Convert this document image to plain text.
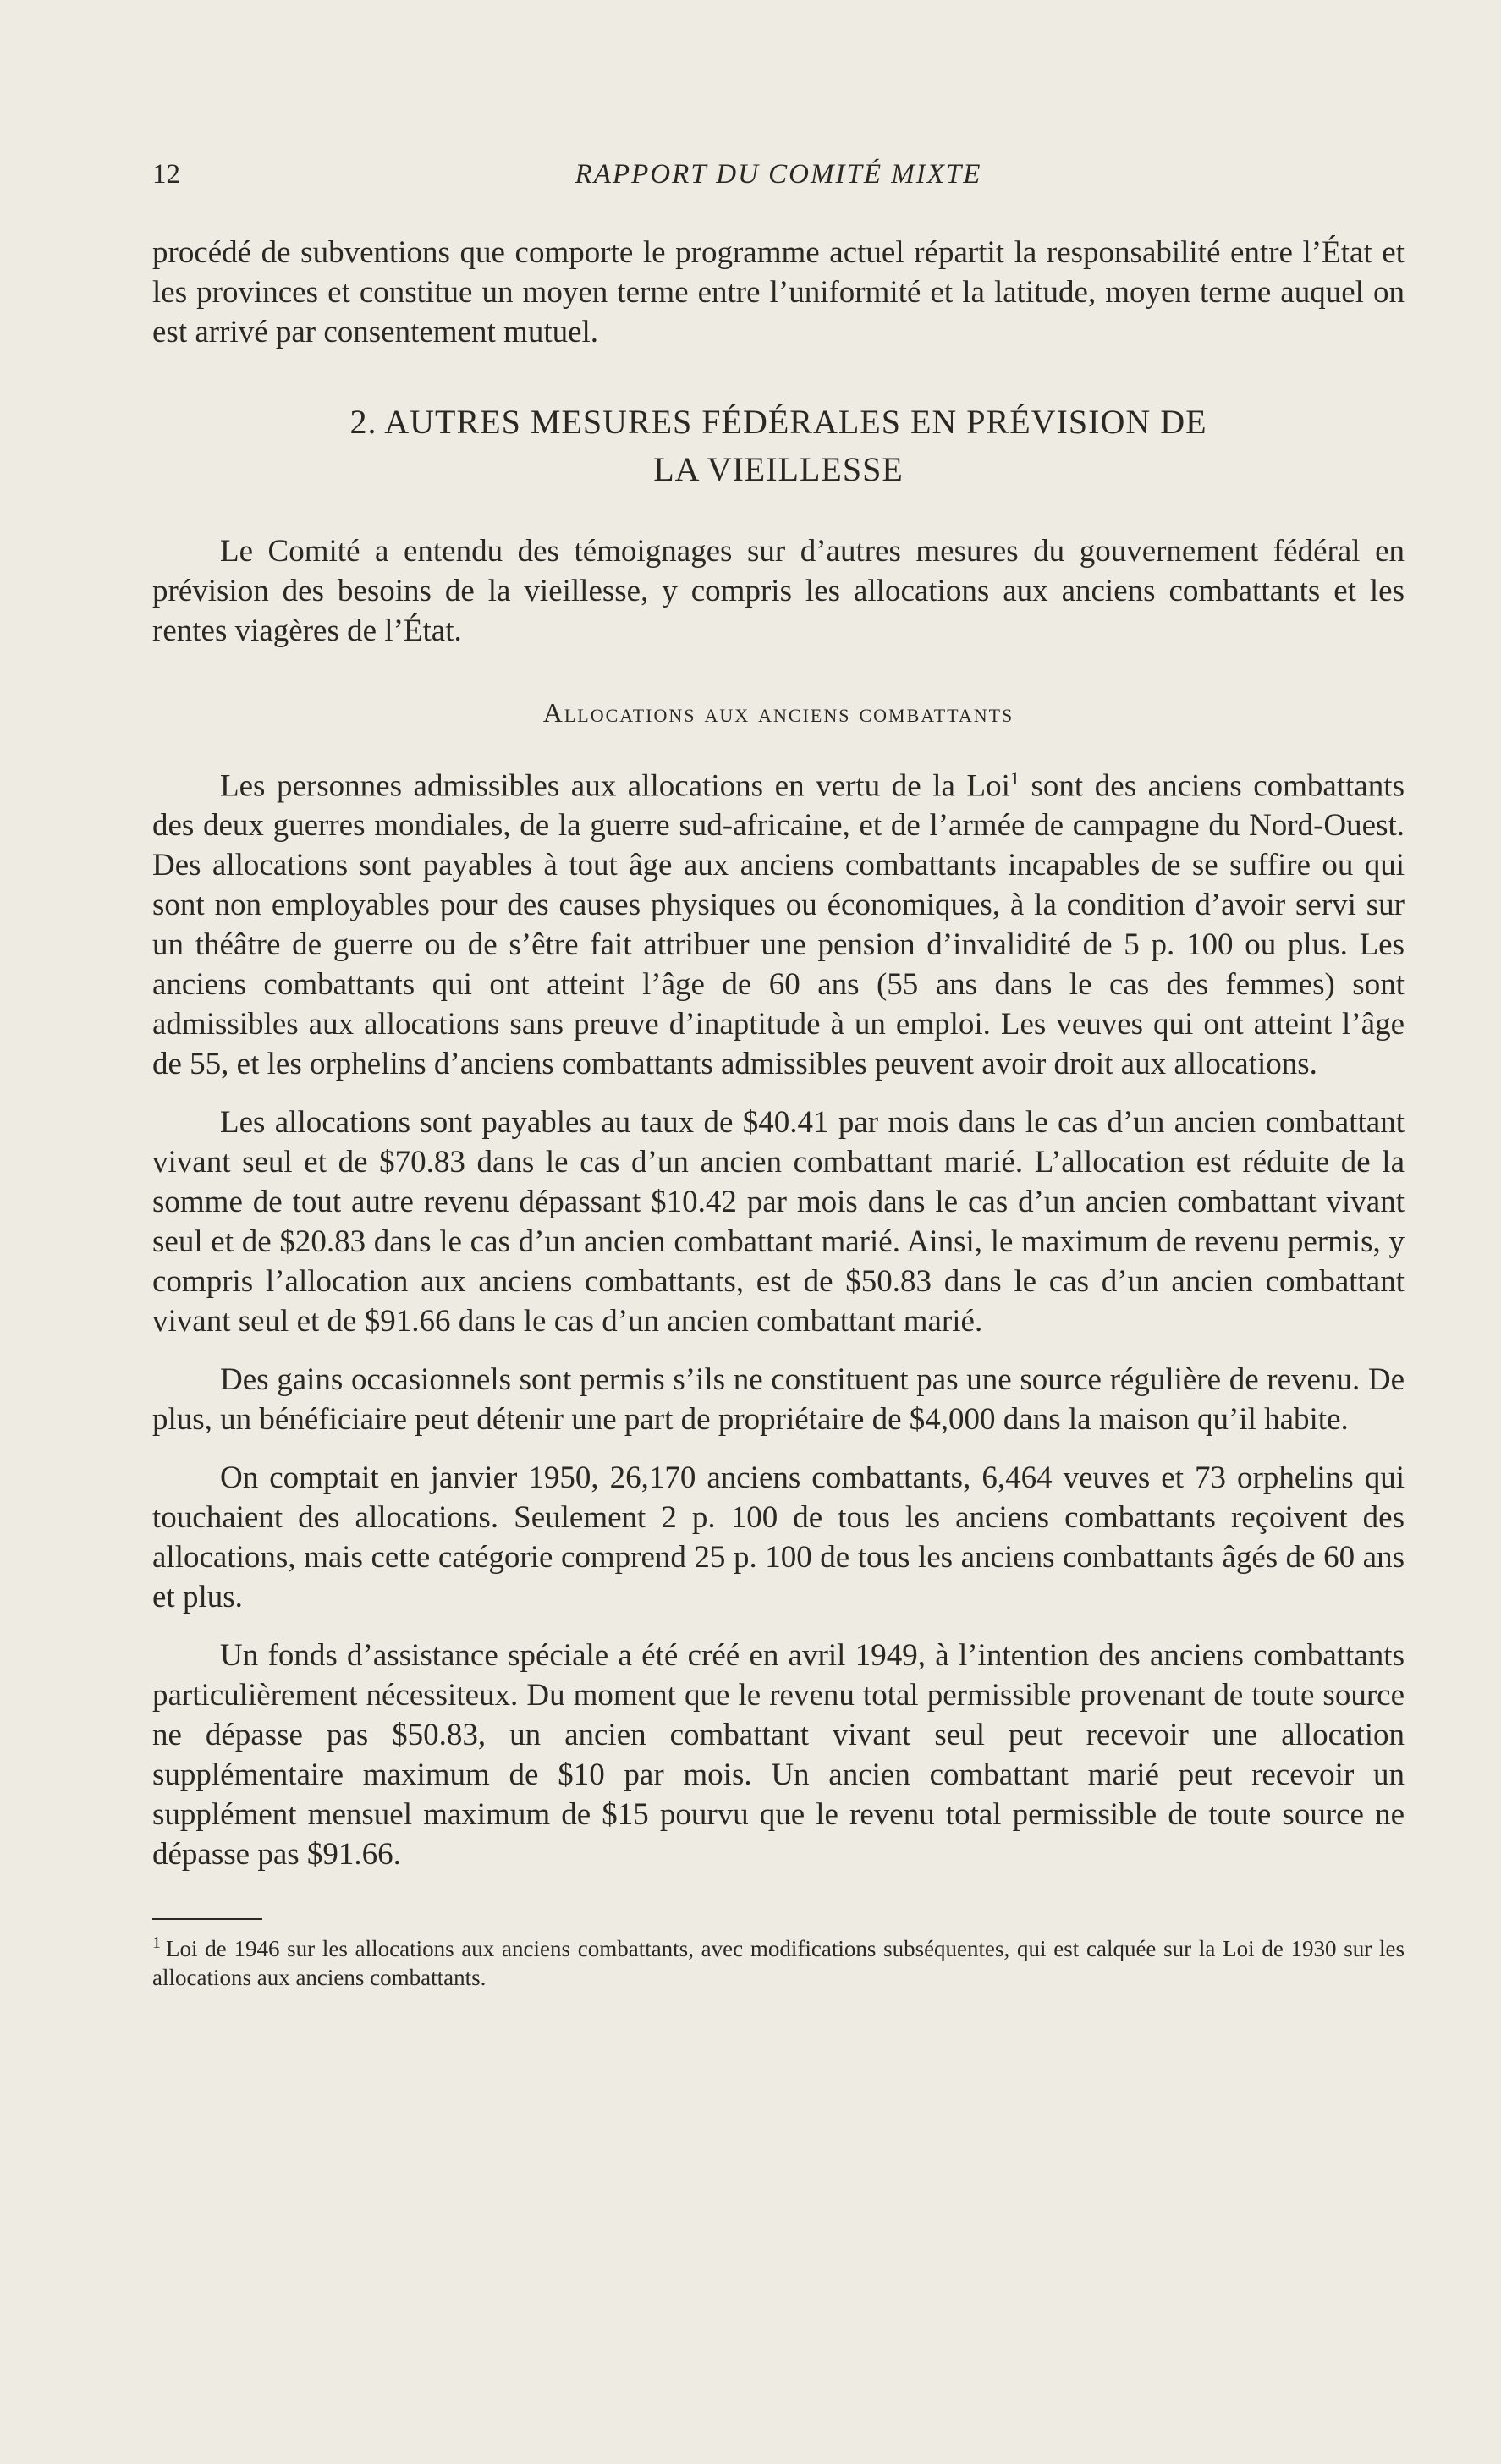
12	RAPPORT DU COMITÉ MIXTE

procédé de subventions que comporte le programme actuel répartit la responsabilité entre l’État et les provinces et constitue un moyen terme entre l’uniformité et la latitude, moyen terme auquel on est arrivé par consentement mutuel.

2. AUTRES MESURES FÉDÉRALES EN PRÉVISION DE
LA VIEILLESSE

Le Comité a entendu des témoignages sur d’autres mesures du gouvernement fédéral en prévision des besoins de la vieillesse, y compris les allocations aux anciens combattants et les rentes viagères de l’État.

Allocations aux anciens combattants

Les personnes admissibles aux allocations en vertu de la Loi$^1$ sont des anciens combattants des deux guerres mondiales, de la guerre sud-africaine, et de l’armée de campagne du Nord-Ouest. Des allocations sont payables à tout âge aux anciens combattants incapables de se suffire ou qui sont non employables pour des causes physiques ou économiques, à la condition d’avoir servi sur un théâtre de guerre ou de s’être fait attribuer une pension d’invalidité de 5 p. 100 ou plus. Les anciens combattants qui ont atteint l’âge de 60 ans (55 ans dans le cas des femmes) sont admissibles aux allocations sans preuve d’inaptitude à un emploi. Les veuves qui ont atteint l’âge de 55, et les orphelins d’anciens combattants admissibles peuvent avoir droit aux allocations.

Les allocations sont payables au taux de $40.41 par mois dans le cas d’un ancien combattant vivant seul et de $70.83 dans le cas d’un ancien combattant marié. L’allocation est réduite de la somme de tout autre revenu dépassant $10.42 par mois dans le cas d’un ancien combattant vivant seul et de $20.83 dans le cas d’un ancien combattant marié. Ainsi, le maximum de revenu permis, y compris l’allocation aux anciens combattants, est de $50.83 dans le cas d’un ancien combattant vivant seul et de $91.66 dans le cas d’un ancien combattant marié.

Des gains occasionnels sont permis s’ils ne constituent pas une source régulière de revenu. De plus, un bénéficiaire peut détenir une part de propriétaire de $4,000 dans la maison qu’il habite.

On comptait en janvier 1950, 26,170 anciens combattants, 6,464 veuves et 73 orphelins qui touchaient des allocations. Seulement 2 p. 100 de tous les anciens combattants reçoivent des allocations, mais cette catégorie comprend 25 p. 100 de tous les anciens combattants âgés de 60 ans et plus.

Un fonds d’assistance spéciale a été créé en avril 1949, à l’intention des anciens combattants particulièrement nécessiteux. Du moment que le revenu total permissible provenant de toute source ne dépasse pas $50.83, un ancien combattant vivant seul peut recevoir une allocation supplémentaire maximum de $10 par mois. Un ancien combattant marié peut recevoir un supplément mensuel maximum de $15 pourvu que le revenu total permissible de toute source ne dépasse pas $91.66.

$^1$ Loi de 1946 sur les allocations aux anciens combattants, avec modifications subséquentes, qui est calquée sur la Loi de 1930 sur les allocations aux anciens combattants.
